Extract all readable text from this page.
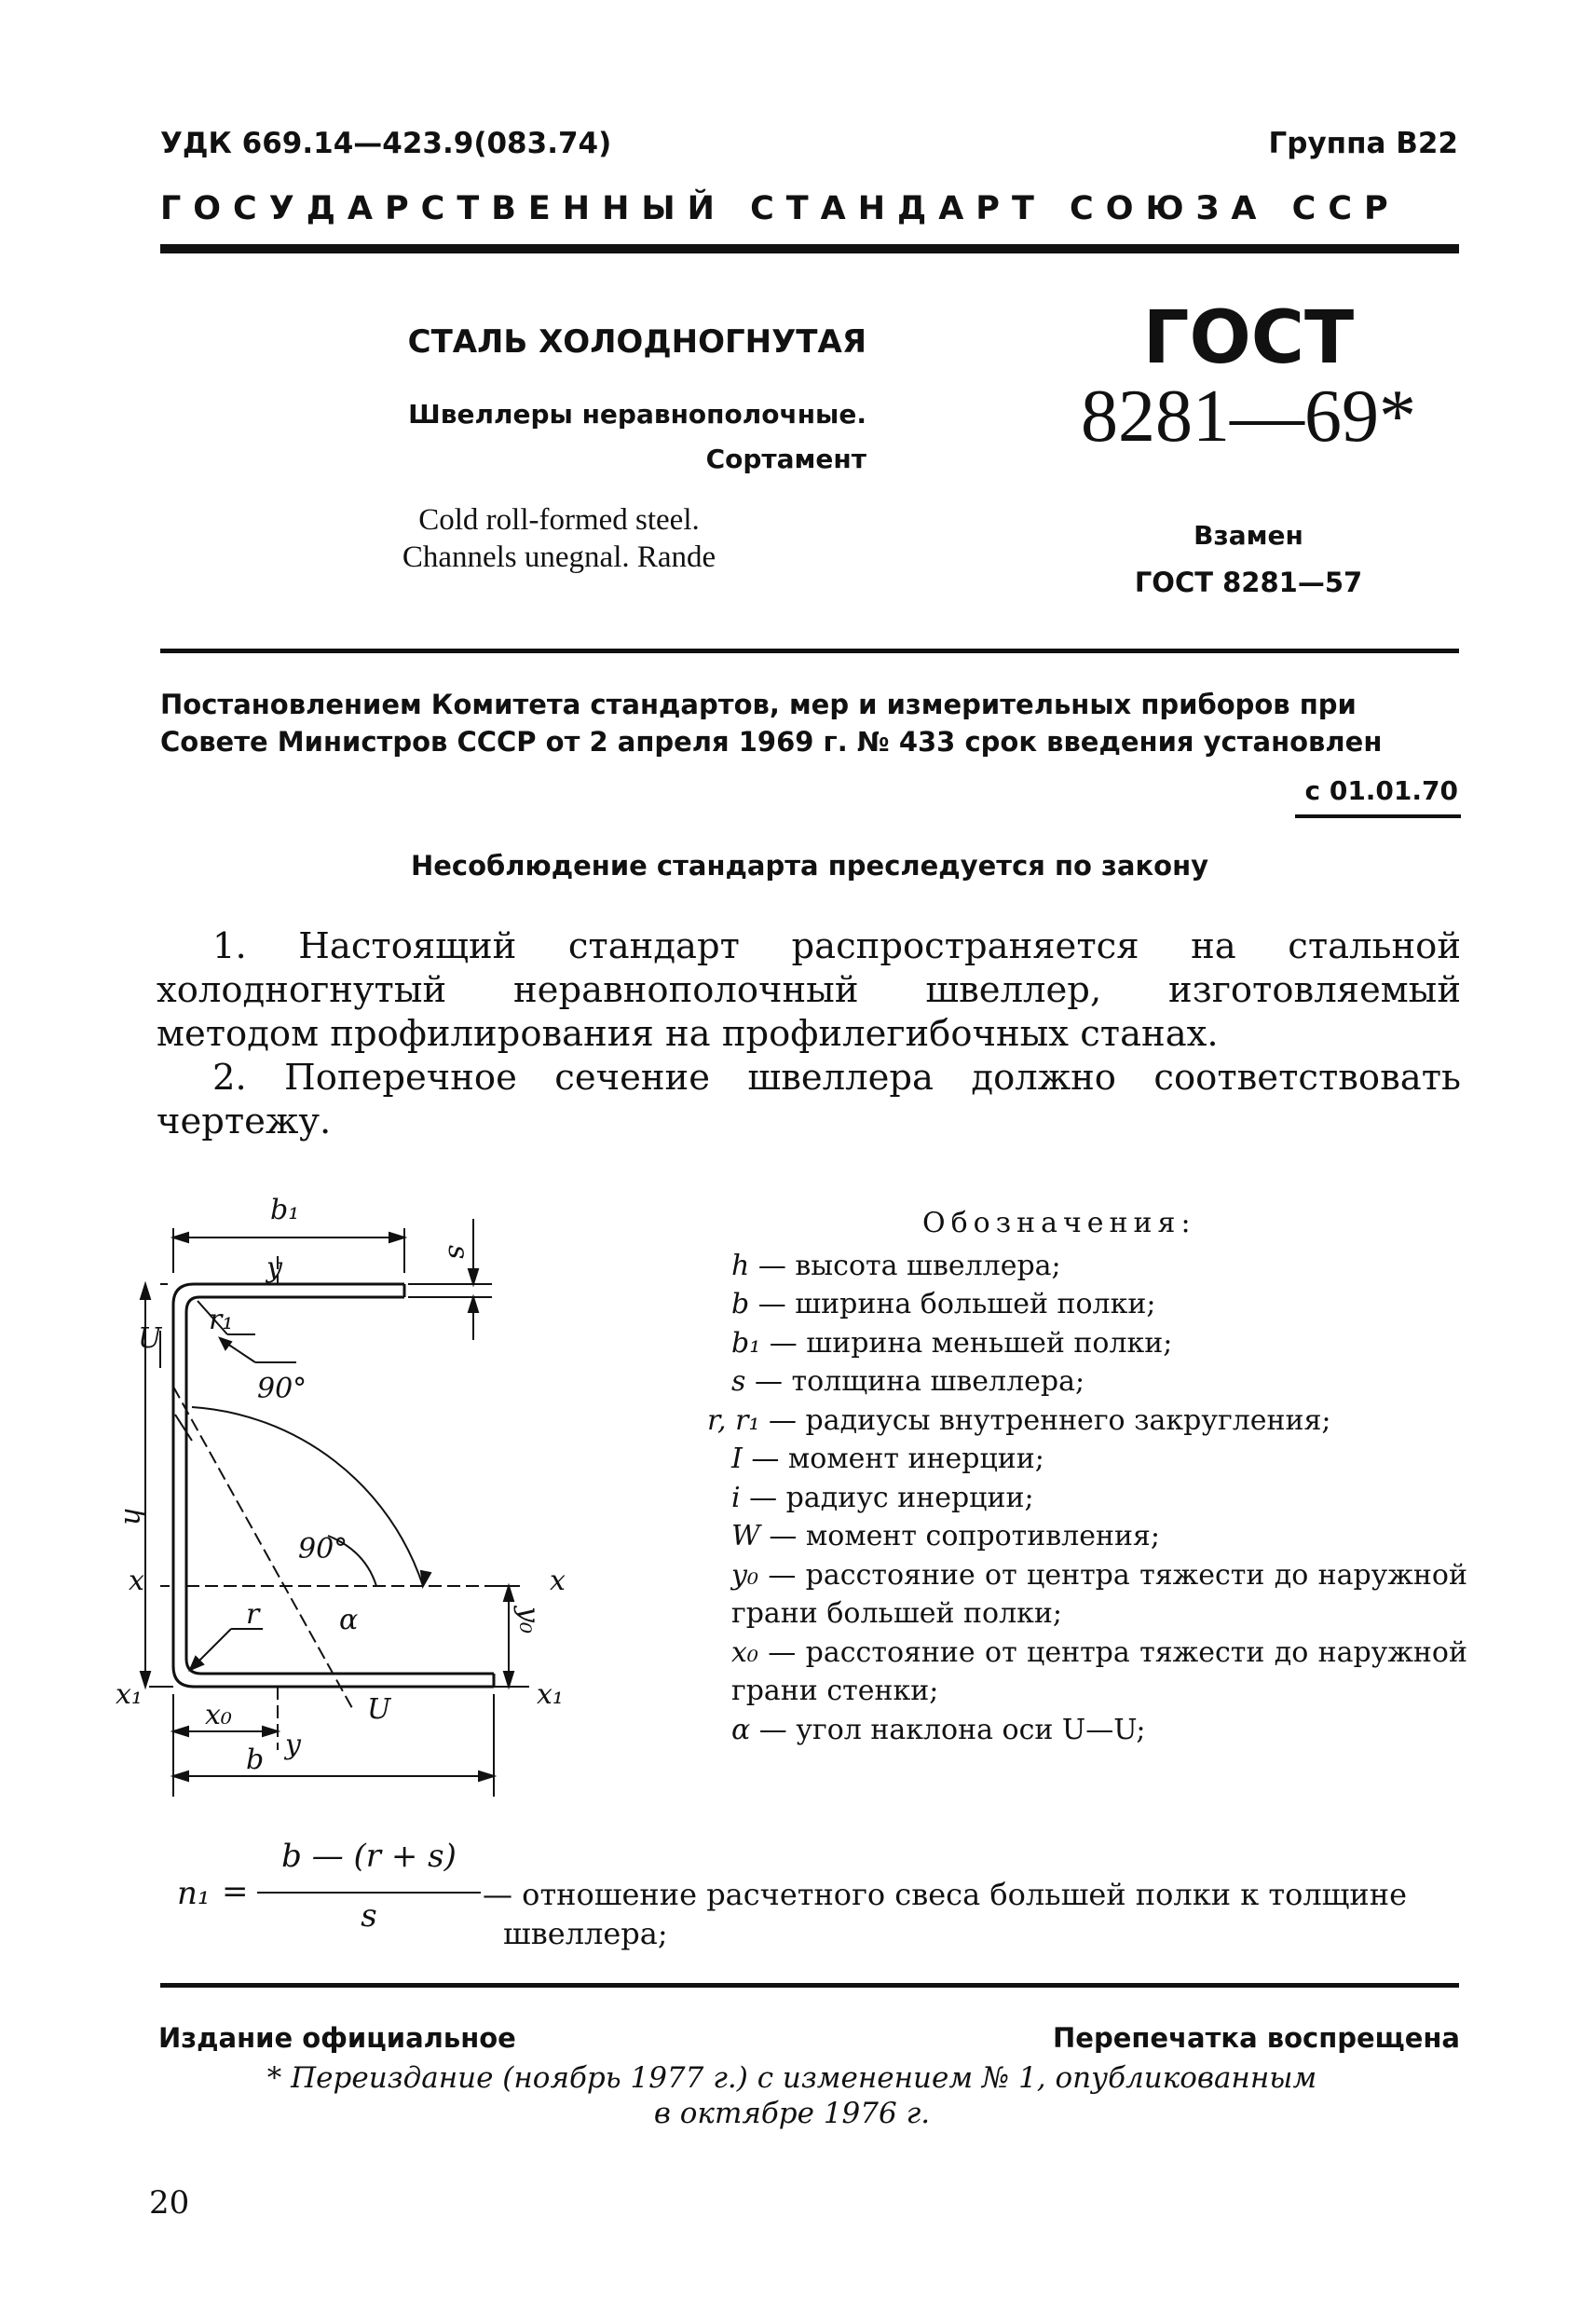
УДК 669.14—423.9(083.74)	Группа В22
ГОСУДАРСТВЕННЫЙ СТАНДАРТ СОЮЗА ССР
СТАЛЬ ХОЛОДНОГНУТАЯ
Швеллеры неравнополочные.
Сортамент
Cold roll-formed steel.
Channels unegnal. Rande
ГОСТ
8281—69*
Взамен
ГОСТ 8281—57
Постановлением Комитета стандартов, мер и измерительных приборов при Совете Министров СССР от 2 апреля 1969 г. № 433 срок введения установлен
с 01.01.70
Несоблюдение стандарта преследуется по закону

1. Настоящий стандарт распространяется на стальной холодногнутый неравнополочный швеллер, изготовляемый методом профилирования на профилегибочных станах.

2. Поперечное сечение швеллера должно соответствовать чертежу.

b₁
s
y
U
r₁
90°
h
90°
x	x
α
r	y₀
x₁	x₁
x₀
y
U
b
Обозначения:
h — высота швеллера;
b — ширина большей полки;
b₁ — ширина меньшей полки;
s — толщина швеллера;
r, r₁ — радиусы внутреннего закругления;
I — момент инерции;
i — радиус инерции;
W — момент сопротивления;
y₀ — расстояние от центра тяжести до наружной грани большей полки;
x₀ — расстояние от центра тяжести до наружной грани стенки;
α — угол наклона оси U—U;
n₁ =
b — (r + s)
s
— отношение расчетного свеса большей полки к толщине
швеллера;
Издание официальное	Перепечатка воспрещена
* Переиздание (ноябрь 1977 г.) с изменением № 1, опубликованным
в октябре 1976 г.
20
